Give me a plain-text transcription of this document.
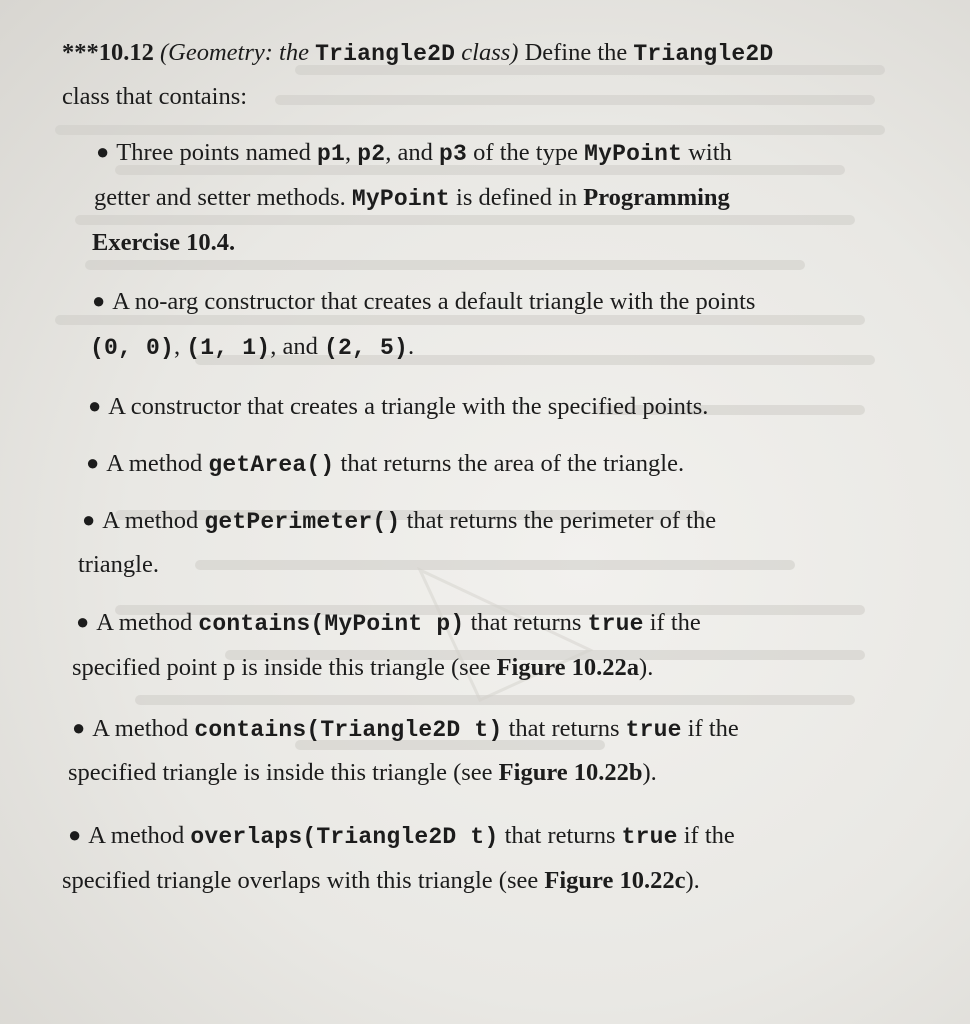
***10.12 (Geometry: the Triangle2D class) Define the Triangle2D
class that contains:
● Three points named p1, p2, and p3 of the type MyPoint with
getter and setter methods. MyPoint is defined in Programming
Exercise 10.4.
● A no-arg constructor that creates a default triangle with the points
(0, 0), (1, 1), and (2, 5).
● A constructor that creates a triangle with the specified points.
● A method getArea() that returns the area of the triangle.
● A method getPerimeter() that returns the perimeter of the
triangle.
● A method contains(MyPoint p) that returns true if the
specified point p is inside this triangle (see Figure 10.22a).
● A method contains(Triangle2D t) that returns true if the
specified triangle is inside this triangle (see Figure 10.22b).
● A method overlaps(Triangle2D t) that returns true if the
specified triangle overlaps with this triangle (see Figure 10.22c).
